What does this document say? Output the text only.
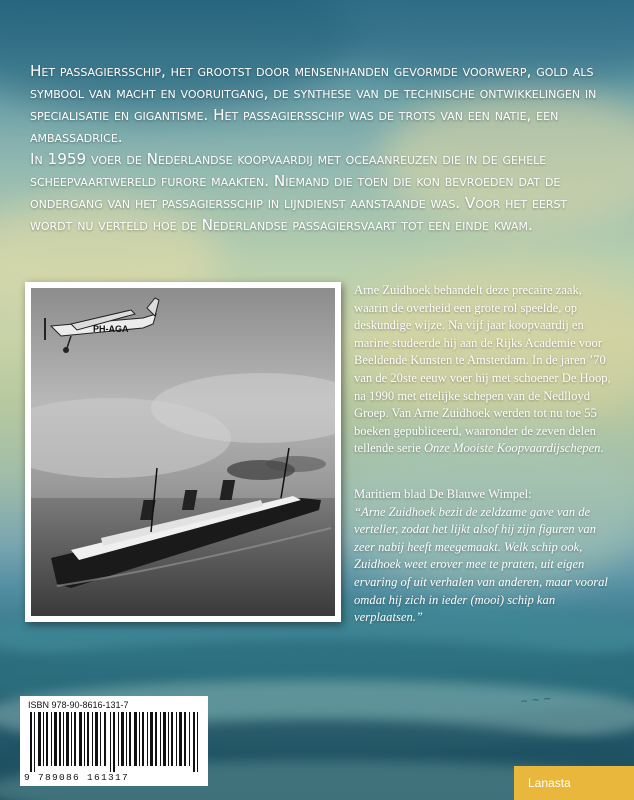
Het passagiersschip, het grootst door mensenhanden gevormde voorwerp, gold als symbool van macht en vooruitgang, de synthese van de technische ontwikkelingen in specialisatie en gigantisme. Het passagiersschip was de trots van een natie, een ambassadrice.

In 1959 voer de Nederlandse koopvaardij met oceaanreuzen die in de gehele scheepvaartwereld furore maakten. Niemand die toen die kon bevroeden dat de ondergang van het passagiersschip in lijndienst aanstaande was. Voor het eerst wordt nu verteld hoe de Nederlandse passagiersvaart tot een einde kwam.

PH-AGA

Arne Zuidhoek behandelt deze precaire zaak, waarin de overheid een grote rol speelde, op deskundige wijze. Na vijf jaar koopvaardij en marine studeerde hij aan de Rijks Academie voor Beeldende Kunsten te Amsterdam. In de jaren ’70 van de 20ste eeuw voer hij met schoener De Hoop, na 1990 met ettelijke schepen van de Nedlloyd Groep. Van Arne Zuidhoek werden tot nu toe 55 boeken gepubliceerd, waaronder de zeven delen tellende serie Onze Mooiste Koopvaardijschepen.

Maritiem blad De Blauwe Wimpel:
“Arne Zuidhoek bezit de zeldzame gave van de verteller, zodat het lijkt alsof hij zijn figuren van zeer nabij heeft meegemaakt. Welk schip ook, Zuidhoek weet erover mee te praten, uit eigen ervaring of uit verhalen van anderen, maar vooral omdat hij zich in ieder (mooi) schip kan verplaatsen.”

~ ~ ~
ISBN 978-90-8616-131-7
9 789086 161317	Lanasta
